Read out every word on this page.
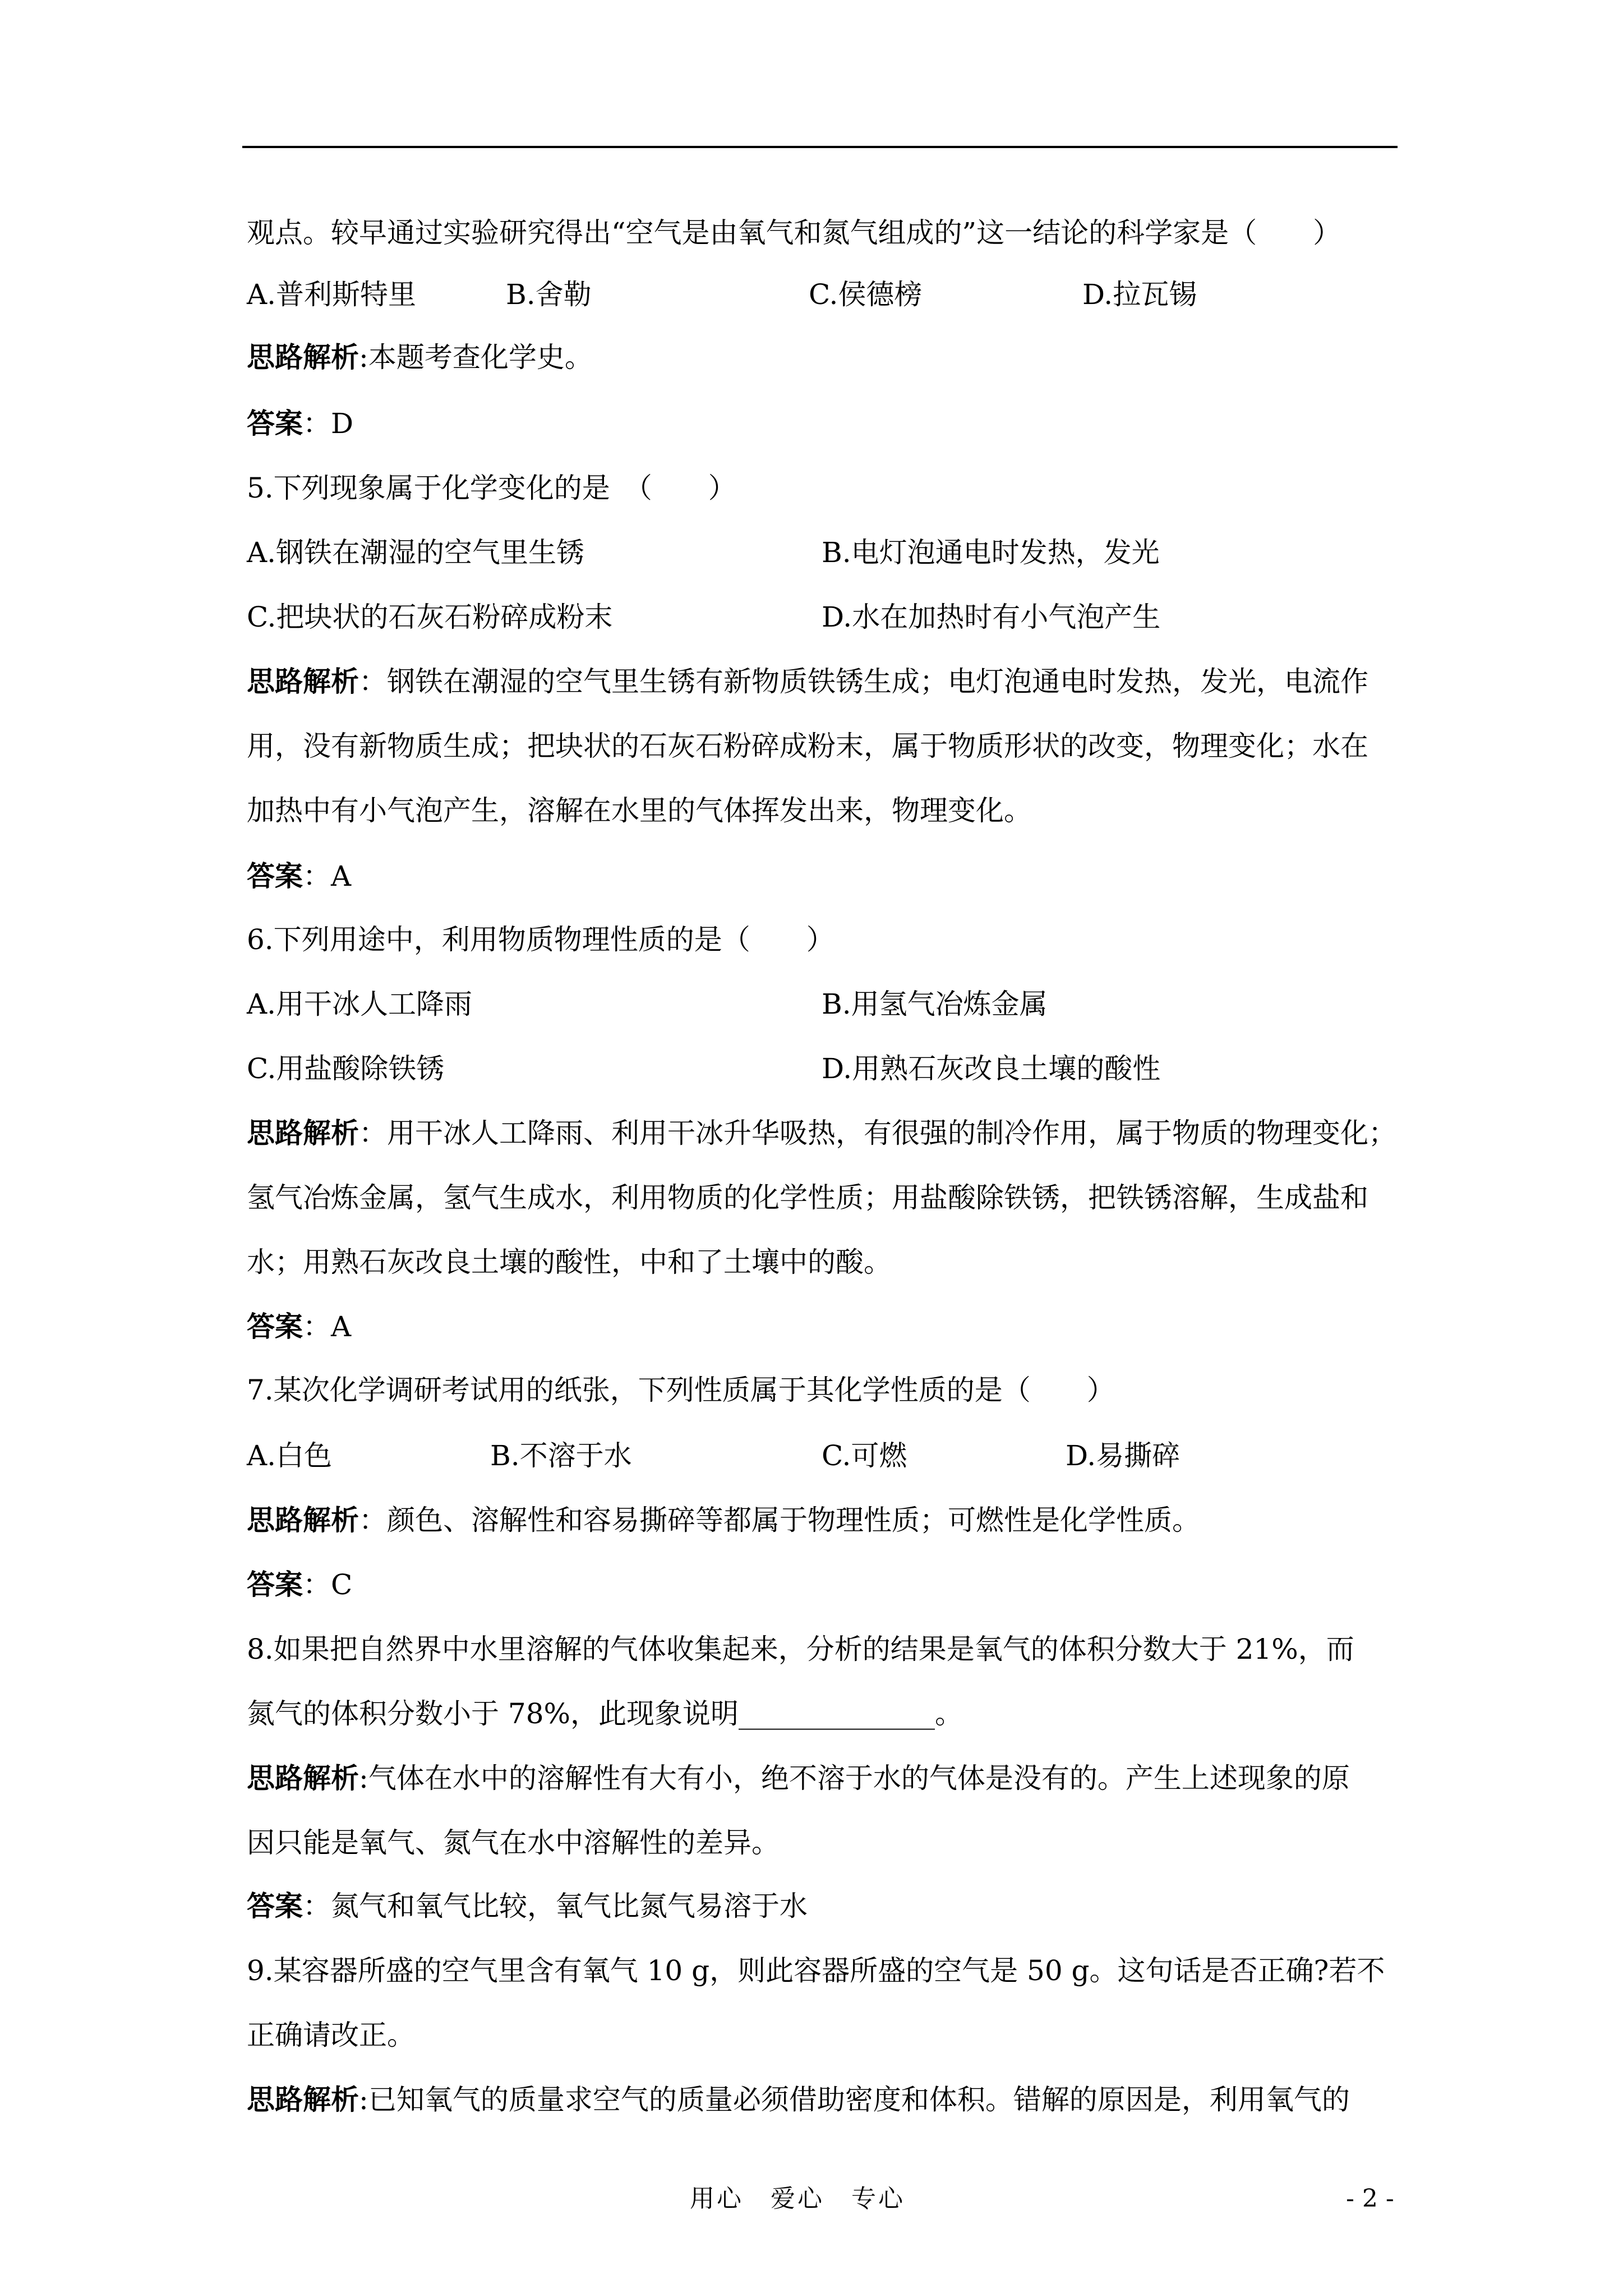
观点。较早通过实验研究得出“空气是由氧气和氮气组成的”这一结论的科学家是（　　）
A.普利斯特里	B.舍勒	C.侯德榜	D.拉瓦锡
思路解析:本题考查化学史。
答案：D
5.下列现象属于化学变化的是　（　　）
A.钢铁在潮湿的空气里生锈	B.电灯泡通电时发热，发光
C.把块状的石灰石粉碎成粉末	D.水在加热时有小气泡产生
思路解析：钢铁在潮湿的空气里生锈有新物质铁锈生成；电灯泡通电时发热，发光，电流作
用，没有新物质生成；把块状的石灰石粉碎成粉末，属于物质形状的改变，物理变化；水在
加热中有小气泡产生，溶解在水里的气体挥发出来，物理变化。
答案：A
6.下列用途中，利用物质物理性质的是（　　）
A.用干冰人工降雨	B.用氢气冶炼金属
C.用盐酸除铁锈	D.用熟石灰改良土壤的酸性
思路解析：用干冰人工降雨、利用干冰升华吸热，有很强的制冷作用，属于物质的物理变化；
氢气冶炼金属，氢气生成水，利用物质的化学性质；用盐酸除铁锈，把铁锈溶解，生成盐和
水；用熟石灰改良土壤的酸性，中和了土壤中的酸。
答案：A
7.某次化学调研考试用的纸张，下列性质属于其化学性质的是（　　）
A.白色	B.不溶于水	C.可燃	D.易撕碎
思路解析：颜色、溶解性和容易撕碎等都属于物理性质；可燃性是化学性质。
答案：C
8.如果把自然界中水里溶解的气体收集起来，分析的结果是氧气的体积分数大于 21%，而
氮气的体积分数小于 78%，此现象说明______________。
思路解析:气体在水中的溶解性有大有小，绝不溶于水的气体是没有的。产生上述现象的原
因只能是氧气、氮气在水中溶解性的差异。
答案：氮气和氧气比较，氧气比氮气易溶于水
9.某容器所盛的空气里含有氧气 10 g，则此容器所盛的空气是 50 g。这句话是否正确?若不
正确请改正。
思路解析:已知氧气的质量求空气的质量必须借助密度和体积。错解的原因是，利用氧气的
用心　爱心　专心	- 2 -
